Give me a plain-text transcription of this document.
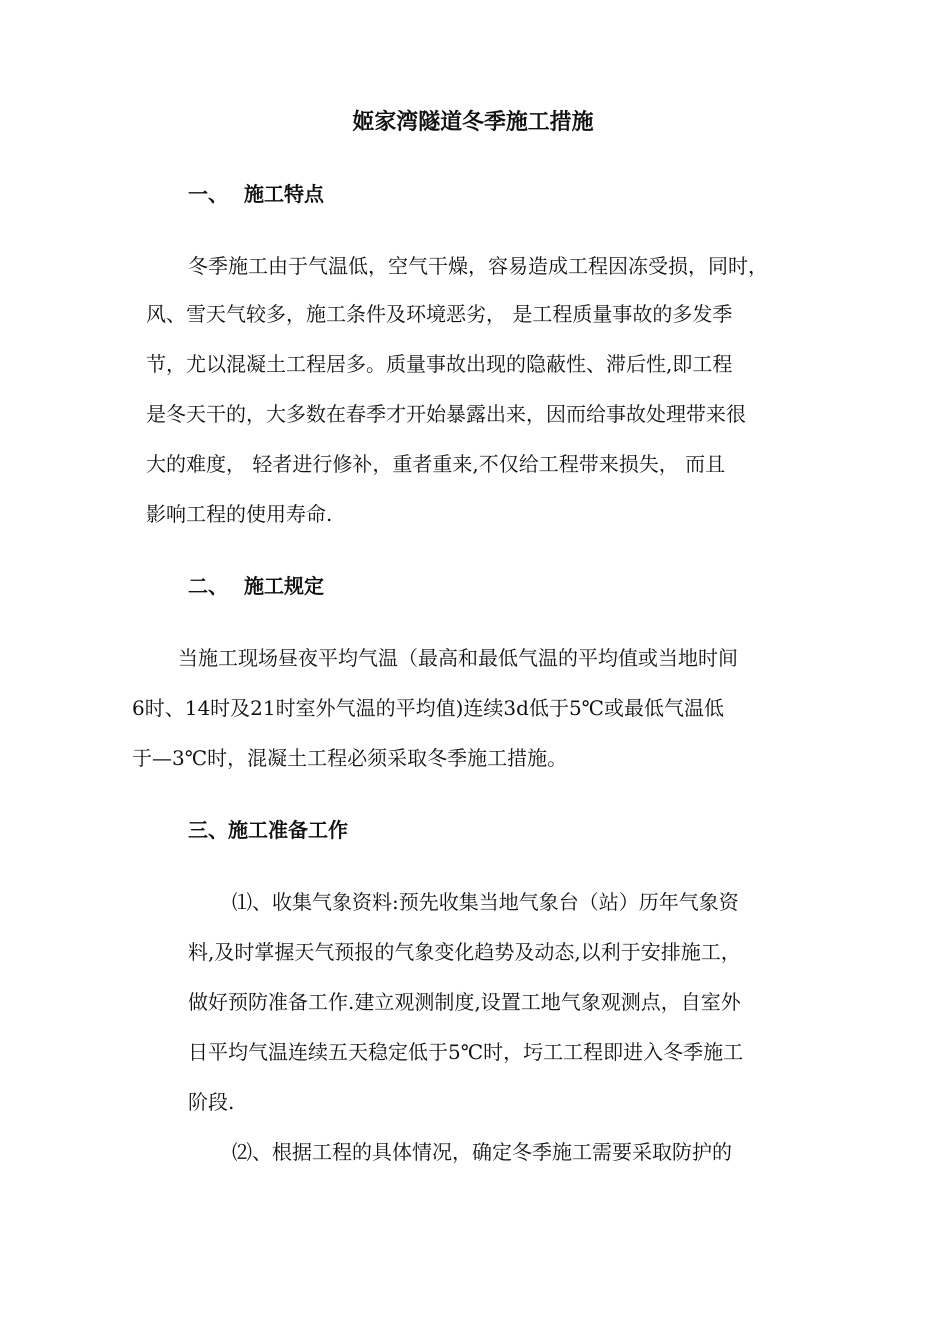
姬家湾隧道冬季施工措施
一、 施工特点
冬季施工由于气温低，空气干燥，容易造成工程因冻受损，同时，
风、雪天气较多，施工条件及环境恶劣， 是工程质量事故的多发季
节，尤以混凝土工程居多。质量事故出现的隐蔽性、滞后性,即工程
是冬天干的，大多数在春季才开始暴露出来，因而给事故处理带来很
大的难度， 轻者进行修补，重者重来,不仅给工程带来损失， 而且
影响工程的使用寿命.
二、 施工规定
当施工现场昼夜平均气温（最高和最低气温的平均值或当地时间
6时、14时及21时室外气温的平均值)连续3d低于5℃或最低气温低
于—3℃时，混凝土工程必须采取冬季施工措施。
三、施工准备工作
⑴、收集气象资料:预先收集当地气象台（站）历年气象资
料,及时掌握天气预报的气象变化趋势及动态,以利于安排施工，
做好预防准备工作.建立观测制度,设置工地气象观测点，自室外
日平均气温连续五天稳定低于5℃时，圬工工程即进入冬季施工
阶段.
⑵、根据工程的具体情况，确定冬季施工需要采取防护的
